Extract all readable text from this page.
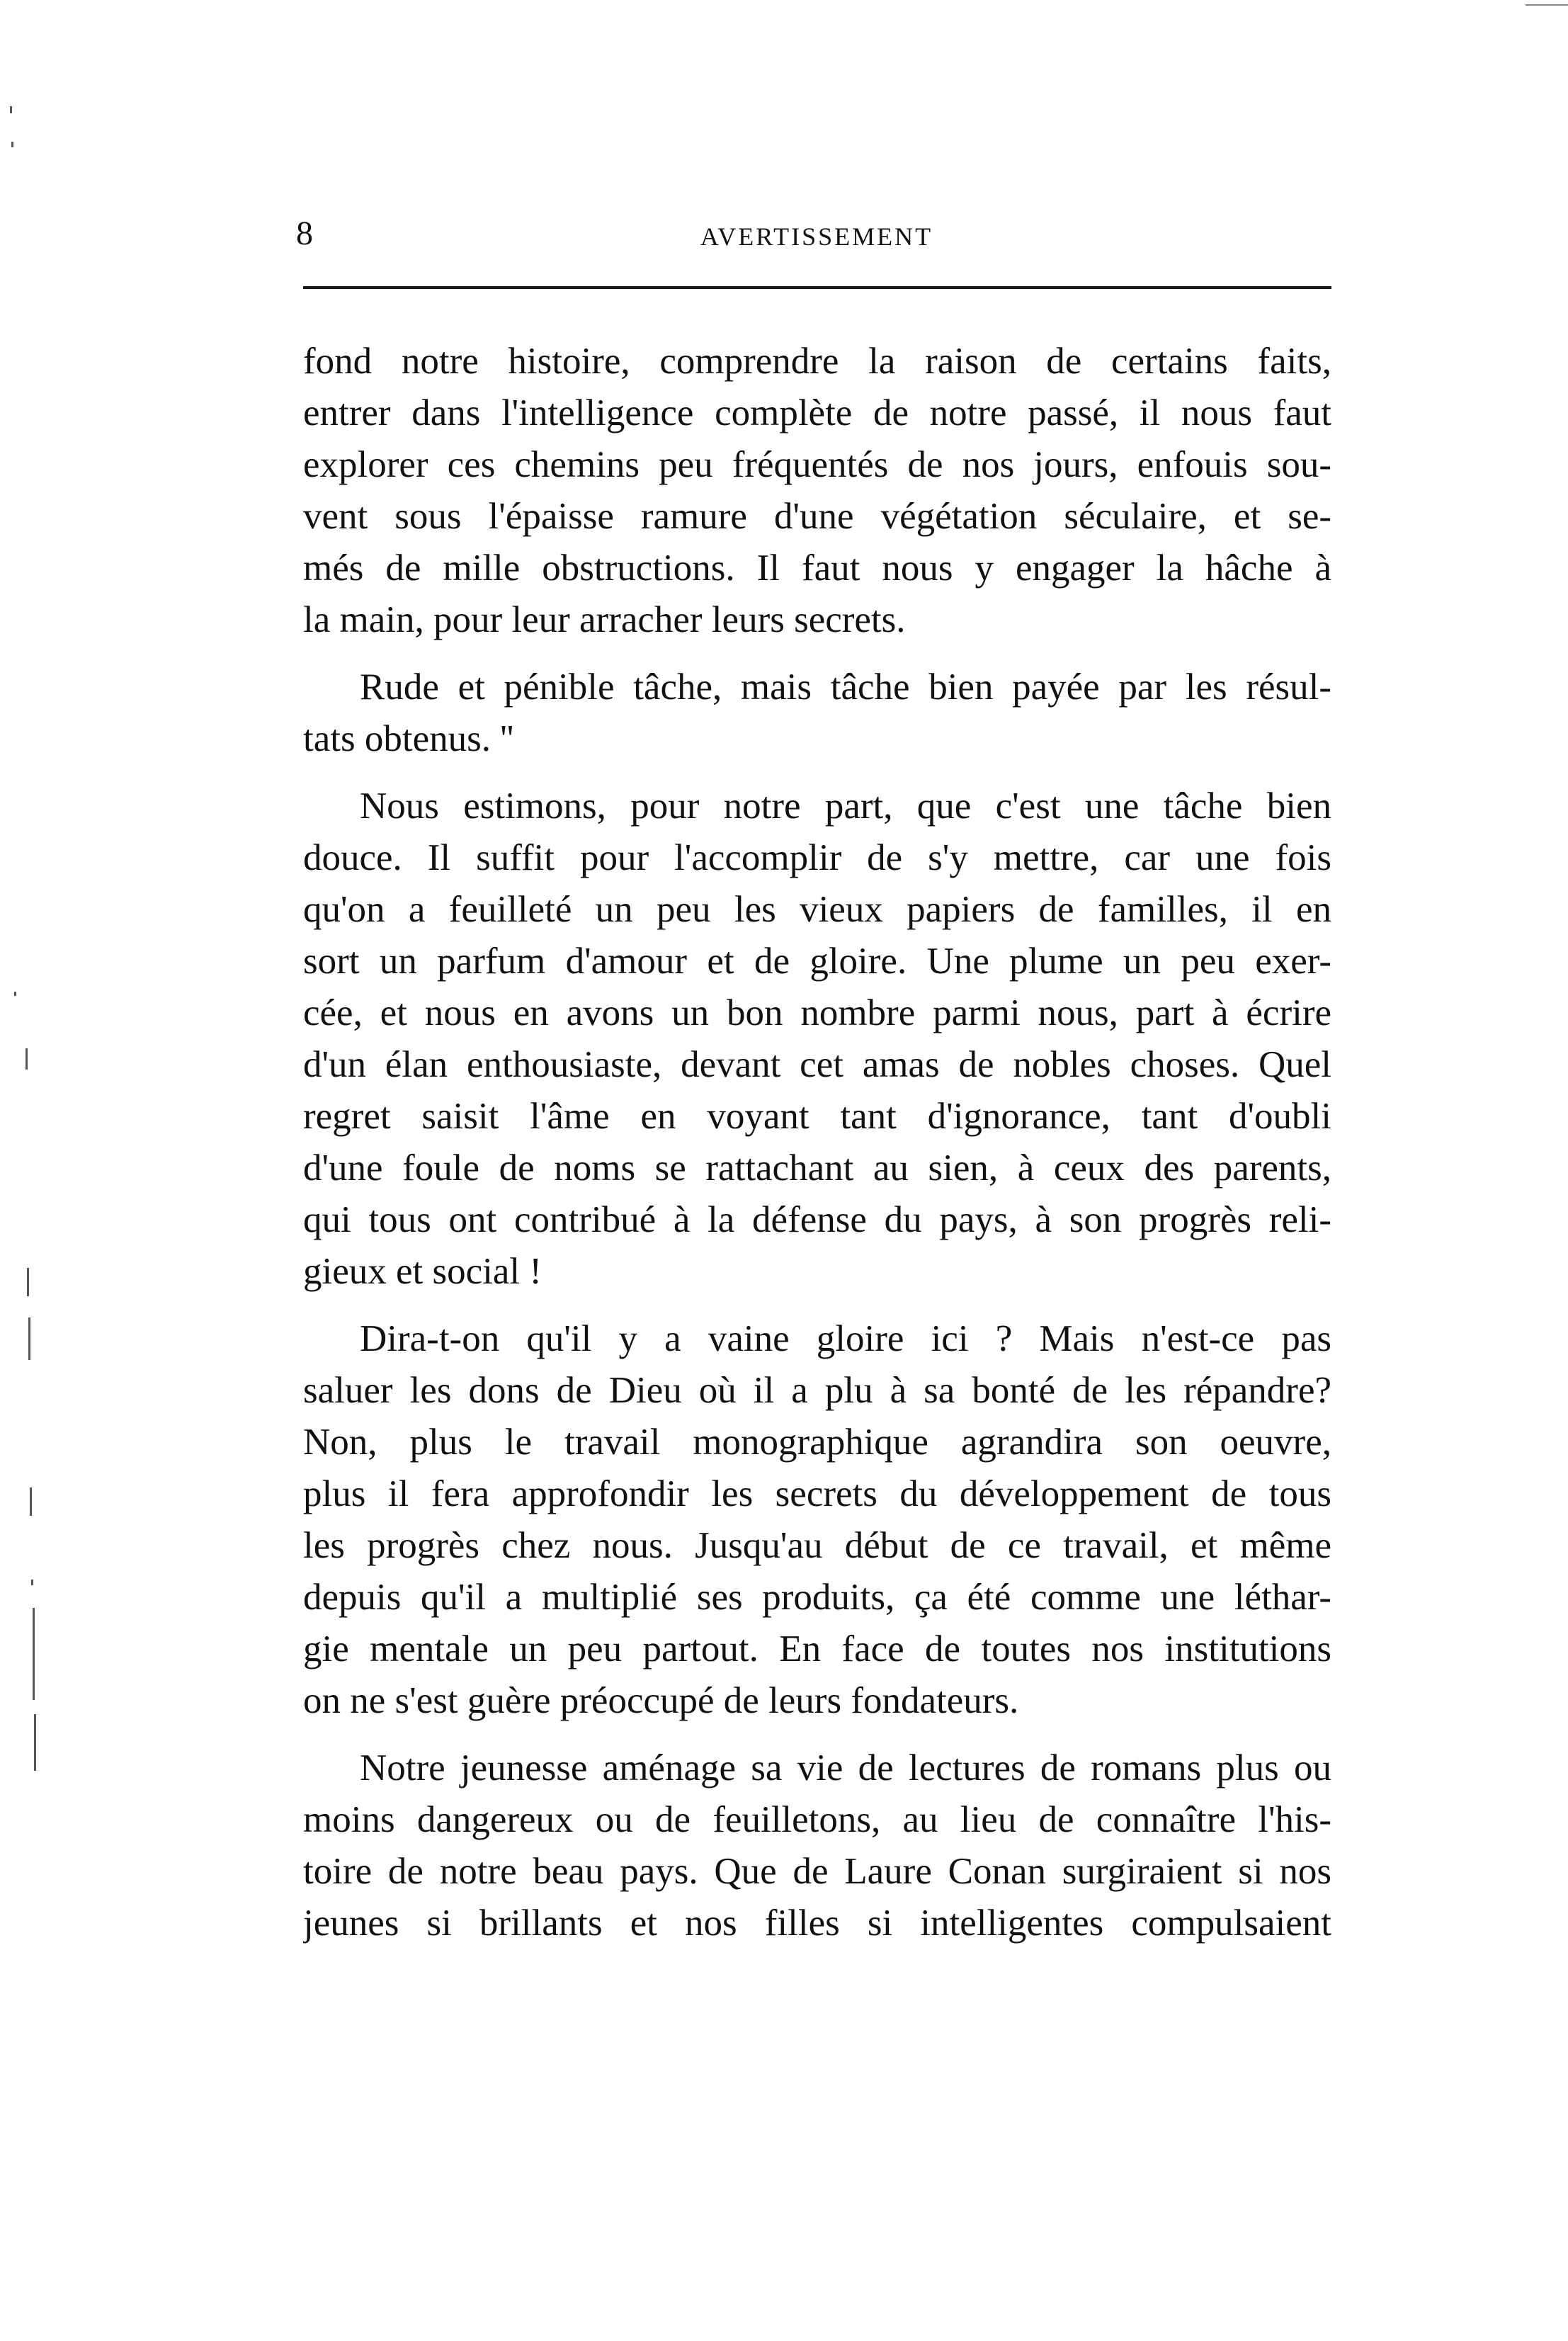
8	AVERTISSEMENT
fond notre histoire, comprendre la raison de certains faits,
entrer dans l'intelligence complète de notre passé, il nous faut
explorer ces chemins peu fréquentés de nos jours, enfouis sou-
vent sous l'épaisse ramure d'une végétation séculaire, et se-
més de mille obstructions. Il faut nous y engager la hâche à
la main, pour leur arracher leurs secrets.
Rude et pénible tâche, mais tâche bien payée par les résul-
tats obtenus. ''
Nous estimons, pour notre part, que c'est une tâche bien
douce. Il suffit pour l'accomplir de s'y mettre, car une fois
qu'on a feuilleté un peu les vieux papiers de familles, il en
sort un parfum d'amour et de gloire. Une plume un peu exer-
cée, et nous en avons un bon nombre parmi nous, part à écrire
d'un élan enthousiaste, devant cet amas de nobles choses. Quel
regret saisit l'âme en voyant tant d'ignorance, tant d'oubli
d'une foule de noms se rattachant au sien, à ceux des parents,
qui tous ont contribué à la défense du pays, à son progrès reli-
gieux et social !
Dira-t-on qu'il y a vaine gloire ici ? Mais n'est-ce pas
saluer les dons de Dieu où il a plu à sa bonté de les répandre?
Non, plus le travail monographique agrandira son oeuvre,
plus il fera approfondir les secrets du développement de tous
les progrès chez nous. Jusqu'au début de ce travail, et même
depuis qu'il a multiplié ses produits, ça été comme une léthar-
gie mentale un peu partout. En face de toutes nos institutions
on ne s'est guère préoccupé de leurs fondateurs.
Notre jeunesse aménage sa vie de lectures de romans plus ou
moins dangereux ou de feuilletons, au lieu de connaître l'his-
toire de notre beau pays. Que de Laure Conan surgiraient si nos
jeunes si brillants et nos filles si intelligentes compulsaient
